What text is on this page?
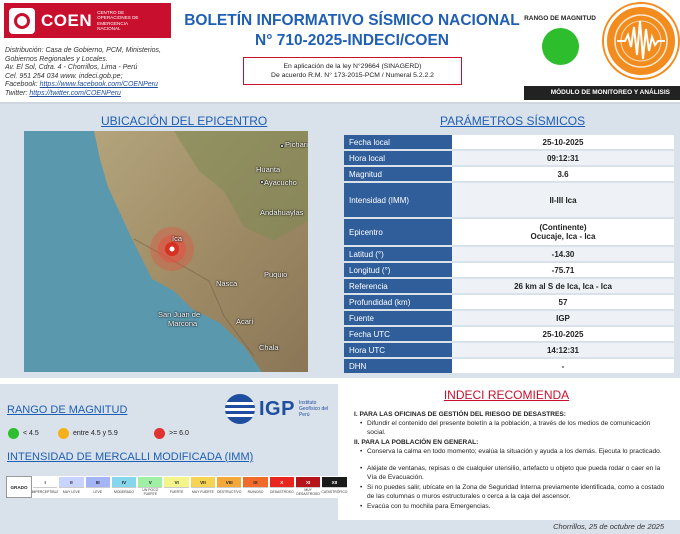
COEN CENTRO DE OPERACIONES DE EMERGENCIA NACIONAL
Distribución: Casa de Gobierno, PCM, Ministerios,
Gobiernos Regionales y Locales.
Av. El Sol, Cdra. 4 - Chorrillos, Lima - Perú
Cel. 951 254 034 www. indeci.gob.pe;
Facebook: https://www.facebook.com/COENPeru
Twitter: https://twitter.com/COENPeru
BOLETÍN INFORMATIVO SÍSMICO NACIONAL
N° 710-2025-INDECI/COEN
En aplicación de la ley N°29664 (SINAGERD)
De acuerdo R.M. N° 173-2015-PCM / Numeral 5.2.2.2
RANGO DE MAGNITUD
MÓDULO DE MONITOREO Y ANÁLISIS
UBICACIÓN DEL EPICENTRO	PARÁMETROS SÍSMICOS
Pichari
Huanta
Ayacucho
Andahuaylas
Ica
Puquio
Nasca
San Juan de
Marcona	Acarí
Chala
Fecha local	25-10-2025
Hora local	09:12:31
Magnitud	3.6
Intensidad (IMM)	II-III Ica
Epicentro	(Continente)
Ocucaje, Ica - Ica

Latitud (°)	-14.30
Longitud (°)	-75.71
Referencia	26 km al S de Ica, Ica - Ica
Profundidad (km)	57
Fuente	IGP
Fecha UTC	25-10-2025
Hora UTC	14:12:31
DHN	-
RANGO DE MAGNITUD
< 4.5	entre 4.5 y 5.9	>= 6.0
IGP Instituto Geofísico del Perú
INTENSIDAD DE MERCALLI MODIFICADA (IMM)
GRADO
I
IMPERCEPTIBLE
II
MUY LEVE
III
LEVE
IV
MODERADO
V
UN POCO FUERTE
VI
FUERTE
VII
MUY FUERTE
VIII
DESTRUCTIVO
IX
RUINOSO
X
DESASTROSO
XI
MUY DESASTROSO
XII
CATASTRÓFICO
INDECI RECOMIENDA
I. PARA LAS OFICINAS DE GESTIÓN DEL RIESGO DE DESASTRES:
• Difundir el contenido del presente boletín a la población, a través de los medios de comunicación social.
II. PARA LA POBLACIÓN EN GENERAL:
• Conserva la calma en todo momento; evalúa la situación y ayuda a los demás. Ejecuta lo practicado.
• Aléjate de ventanas, repisas o de cualquier utensilio, artefacto u objeto que pueda rodar o caer en la Vía de Evacuación.
• Si no puedes salir, ubícate en la Zona de Seguridad Interna previamente identificada, como a costado de las columnas o muros estructurales o cerca a la caja del ascensor.
• Evacúa con tu mochila para Emergencias.
Chorrillos, 25 de octubre de 2025
